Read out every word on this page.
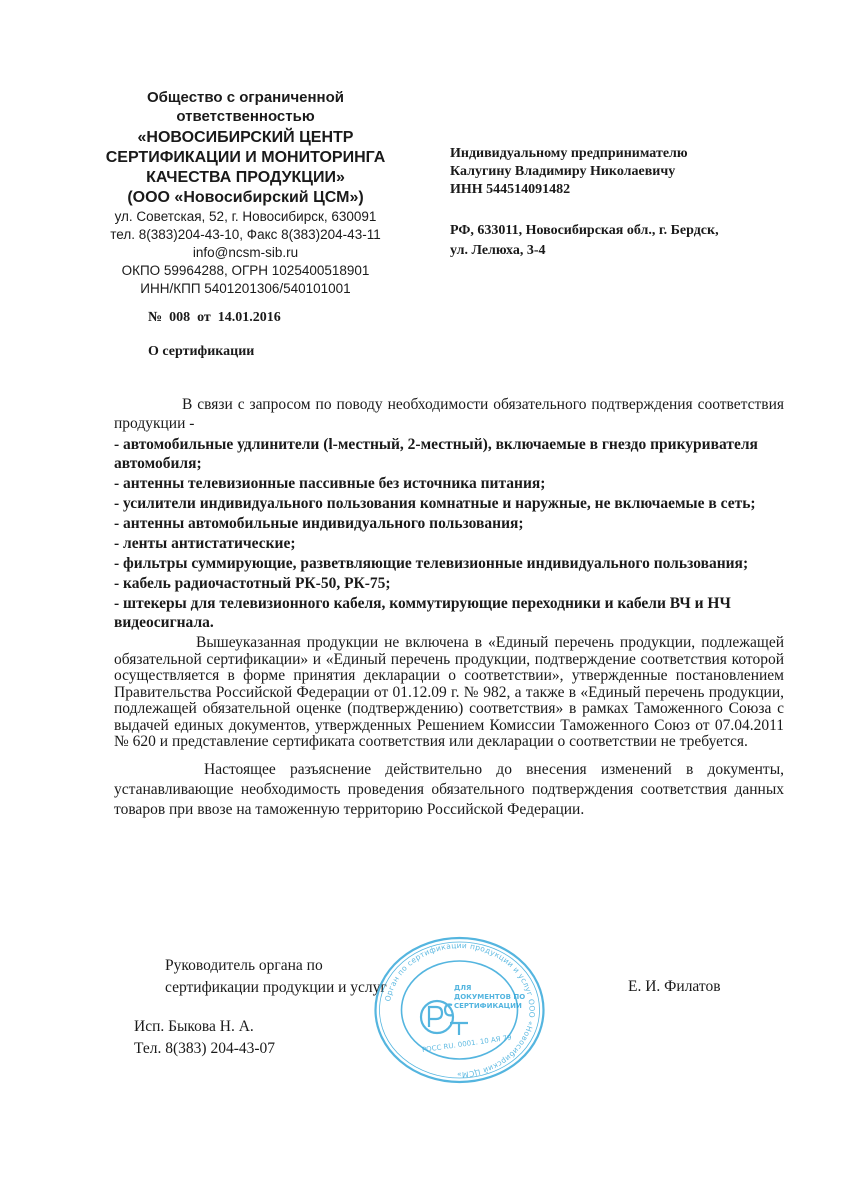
Общество с ограниченной
ответственностью
«НОВОСИБИРСКИЙ ЦЕНТР
СЕРТИФИКАЦИИ И МОНИТОРИНГА
КАЧЕСТВА ПРОДУКЦИИ»
(ООО «Новосибирский ЦСМ»)
ул. Советская, 52, г. Новосибирск, 630091
тел. 8(383)204-43-10, Факс 8(383)204-43-11
info@ncsm-sib.ru
ОКПО 59964288, ОГРН 1025400518901
ИНН/КПП 5401201306/540101001
№  008  от  14.01.2016
О сертификации
Индивидуальному предпринимателю
Калугину Владимиру Николаевичу
ИНН 544514091482
РФ, 633011, Новосибирская обл., г. Бердск,
ул. Лелюха, 3-4
В связи с запросом по поводу необходимости обязательного подтверждения соответствия продукции -
- автомобильные удлинители (l-местный, 2-местный), включаемые в гнездо прикуривателя автомобиля;
- антенны телевизионные пассивные без источника питания;
- усилители индивидуального пользования комнатные и наружные, не включаемые в сеть;
- антенны автомобильные индивидуального пользования;
- ленты антистатические;
- фильтры суммирующие, разветвляющие телевизионные индивидуального пользования;
- кабель радиочастотный РК-50, РК-75;
- штекеры для телевизионного кабеля, коммутирующие переходники и кабели ВЧ и НЧ видеосигнала.
Вышеуказанная продукции не включена в «Единый перечень продукции, подлежащей обязательной сертификации» и «Единый перечень продукции, подтверждение соответствия которой осуществляется в форме принятия декларации о соответствии», утвержденные постановлением Правительства Российской Федерации от 01.12.09 г. № 982, а также в «Единый перечень продукции, подлежащей обязательной оценке (подтверждению) соответствия» в рамках Таможенного Союза с выдачей единых документов, утвержденных Решением Комиссии Таможенного Союз от 07.04.2011 № 620 и представление сертификата соответствия или декларации о соответствии не требуется.
Настоящее разъяснение действительно до внесения изменений в документы, устанавливающие необходимость проведения обязательного подтверждения соответствия данных товаров при ввозе на таможенную территорию Российской Федерации.
Руководитель органа по
сертификации продукции и услуг	Е. И. Филатов
Исп. Быкова Н. А.
Тел. 8(383) 204-43-07
Орган по сертификации продукции и услуг ООО «Новосибирский ЦСМ»
ДЛЯ
ДОКУМЕНТОВ ПО
СЕРТИФИКАЦИИ
РОСС RU. 0001. 10 АЯ 79
